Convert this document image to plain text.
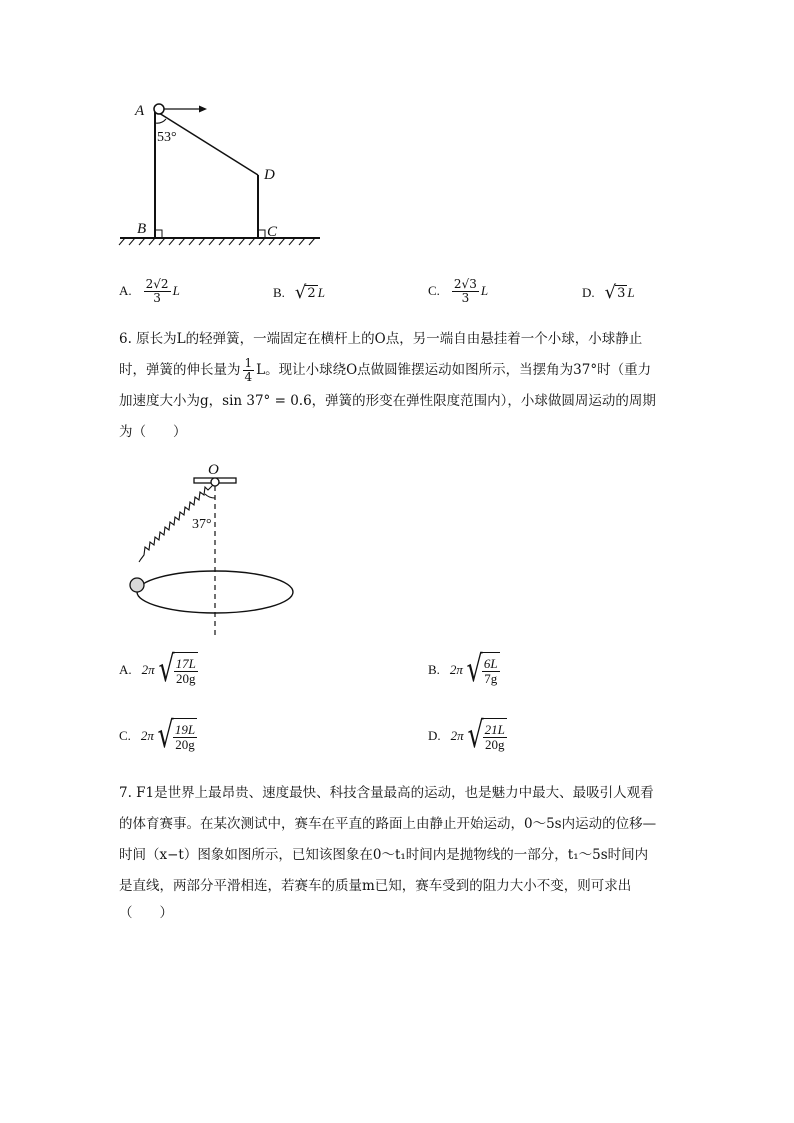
A
53°
B	C
D
A. $\frac{2√2}{3}$ L	B. √ 2 L	C. $\frac{2√3}{3}$ L	D. √ 3 L

6. 原长为L的轻弹簧，一端固定在横杆上的O点，另一端自由悬挂着一个小球，小球静止

时，弹簧的伸长量为 $\frac{1}{4}$ L。现让小球绕O点做圆锥摆运动如图所示，当摆角为37°时（重力

加速度大小为g，sin 37° = 0.6，弹簧的形变在弹性限度范围内），小球做圆周运动的周期

为（　　）

O
37°
A. 2π √ 17L
20g
B. 2π √ 6L
7g
C. 2π √ 19L
20g
D. 2π √ 21L
20g

7. F1是世界上最昂贵、速度最快、科技含量最高的运动，也是魅力中最大、最吸引人观看

的体育赛事。在某次测试中，赛车在平直的路面上由静止开始运动，0～5s内运动的位移—

时间（x−t）图象如图所示，已知该图象在0～t₁时间内是抛物线的一部分，t₁～5s时间内

是直线，两部分平滑相连，若赛车的质量m已知，赛车受到的阻力大小不变，则可求出

（　　）
